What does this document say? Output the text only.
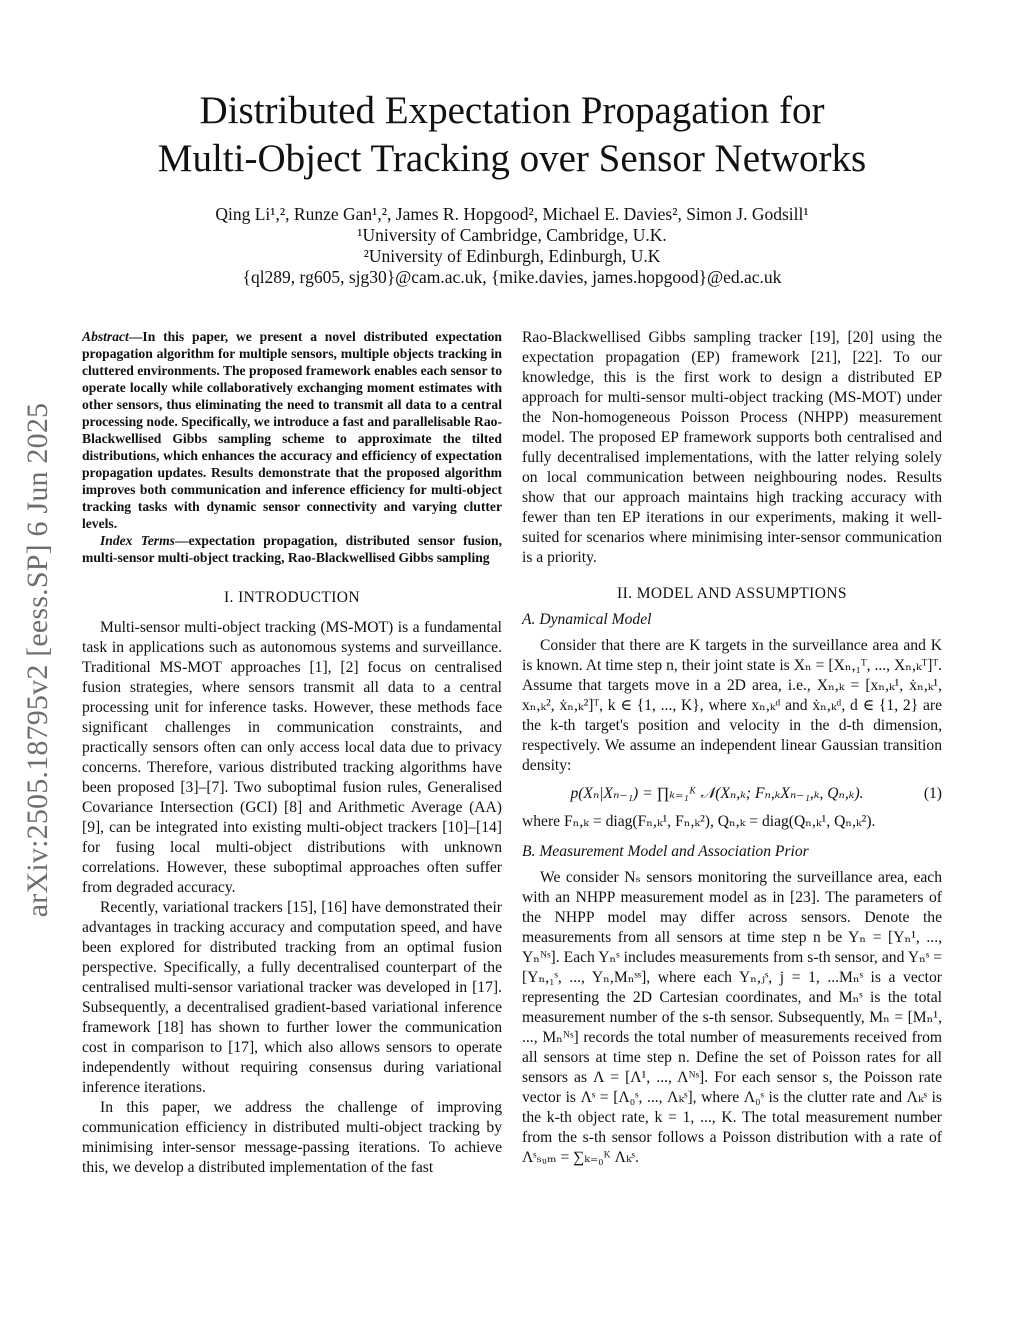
arXiv:2505.18795v2 [eess.SP] 6 Jun 2025
Distributed Expectation Propagation for
Multi-Object Tracking over Sensor Networks
Qing Li¹,², Runze Gan¹,², James R. Hopgood², Michael E. Davies², Simon J. Godsill¹
¹University of Cambridge, Cambridge, U.K.
²University of Edinburgh, Edinburgh, U.K
{ql289, rg605, sjg30}@cam.ac.uk, {mike.davies, james.hopgood}@ed.ac.uk

Abstract—In this paper, we present a novel distributed expectation propagation algorithm for multiple sensors, multiple objects tracking in cluttered environments. The proposed framework enables each sensor to operate locally while collaboratively exchanging moment estimates with other sensors, thus eliminating the need to transmit all data to a central processing node. Specifically, we introduce a fast and parallelisable Rao-Blackwellised Gibbs sampling scheme to approximate the tilted distributions, which enhances the accuracy and efficiency of expectation propagation updates. Results demonstrate that the proposed algorithm improves both communication and inference efficiency for multi-object tracking tasks with dynamic sensor connectivity and varying clutter levels.

Index Terms—expectation propagation, distributed sensor fusion, multi-sensor multi-object tracking, Rao-Blackwellised Gibbs sampling

I. INTRODUCTION

Multi-sensor multi-object tracking (MS-MOT) is a fundamental task in applications such as autonomous systems and surveillance. Traditional MS-MOT approaches [1], [2] focus on centralised fusion strategies, where sensors transmit all data to a central processing unit for inference tasks. However, these methods face significant challenges in communication constraints, and practically sensors often can only access local data due to privacy concerns. Therefore, various distributed tracking algorithms have been proposed [3]–[7]. Two suboptimal fusion rules, Generalised Covariance Intersection (GCI) [8] and Arithmetic Average (AA) [9], can be integrated into existing multi-object trackers [10]–[14] for fusing local multi-object distributions with unknown correlations. However, these suboptimal approaches often suffer from degraded accuracy.

Recently, variational trackers [15], [16] have demonstrated their advantages in tracking accuracy and computation speed, and have been explored for distributed tracking from an optimal fusion perspective. Specifically, a fully decentralised counterpart of the centralised multi-sensor variational tracker was developed in [17]. Subsequently, a decentralised gradient-based variational inference framework [18] has shown to further lower the communication cost in comparison to [17], which also allows sensors to operate independently without requiring consensus during variational inference iterations.

In this paper, we address the challenge of improving communication efficiency in distributed multi-object tracking by minimising inter-sensor message-passing iterations. To achieve this, we develop a distributed implementation of the fast

Rao-Blackwellised Gibbs sampling tracker [19], [20] using the expectation propagation (EP) framework [21], [22]. To our knowledge, this is the first work to design a distributed EP approach for multi-sensor multi-object tracking (MS-MOT) under the Non-homogeneous Poisson Process (NHPP) measurement model. The proposed EP framework supports both centralised and fully decentralised implementations, with the latter relying solely on local communication between neighbouring nodes. Results show that our approach maintains high tracking accuracy with fewer than ten EP iterations in our experiments, making it well-suited for scenarios where minimising inter-sensor communication is a priority.

II. MODEL AND ASSUMPTIONS

A. Dynamical Model

Consider that there are K targets in the surveillance area and K is known. At time step n, their joint state is Xₙ = [Xₙ,₁ᵀ, ..., Xₙ,ₖᵀ]ᵀ. Assume that targets move in a 2D area, i.e., Xₙ,ₖ = [xₙ,ₖ¹, ẋₙ,ₖ¹, xₙ,ₖ², ẋₙ,ₖ²]ᵀ, k ∈ {1, ..., K}, where xₙ,ₖᵈ and ẋₙ,ₖᵈ, d ∈ {1, 2} are the k-th target's position and velocity in the d-th dimension, respectively. We assume an independent linear Gaussian transition density:

p(Xₙ|Xₙ₋₁) = ∏ₖ₌₁ᴷ 𝒩(Xₙ,ₖ; Fₙ,ₖXₙ₋₁,ₖ, Qₙ,ₖ).	(1)

where Fₙ,ₖ = diag(Fₙ,ₖ¹, Fₙ,ₖ²), Qₙ,ₖ = diag(Qₙ,ₖ¹, Qₙ,ₖ²).

B. Measurement Model and Association Prior

We consider Nₛ sensors monitoring the surveillance area, each with an NHPP measurement model as in [23]. The parameters of the NHPP model may differ across sensors. Denote the measurements from all sensors at time step n be Yₙ = [Yₙ¹, ..., Yₙᴺˢ]. Each Yₙˢ includes measurements from s-th sensor, and Yₙˢ = [Yₙ,₁ˢ, ..., Yₙ,Mₙˢˢ], where each Yₙ,ⱼˢ, j = 1, ...Mₙˢ is a vector representing the 2D Cartesian coordinates, and Mₙˢ is the total measurement number of the s-th sensor. Subsequently, Mₙ = [Mₙ¹, ..., Mₙᴺˢ] records the total number of measurements received from all sensors at time step n. Define the set of Poisson rates for all sensors as Λ = [Λ¹, ..., Λᴺˢ]. For each sensor s, the Poisson rate vector is Λˢ = [Λ₀ˢ, ..., Λₖˢ], where Λ₀ˢ is the clutter rate and Λₖˢ is the k-th object rate, k = 1, ..., K. The total measurement number from the s-th sensor follows a Poisson distribution with a rate of Λˢₛᵤₘ = ∑ₖ₌₀ᴷ Λₖˢ.
